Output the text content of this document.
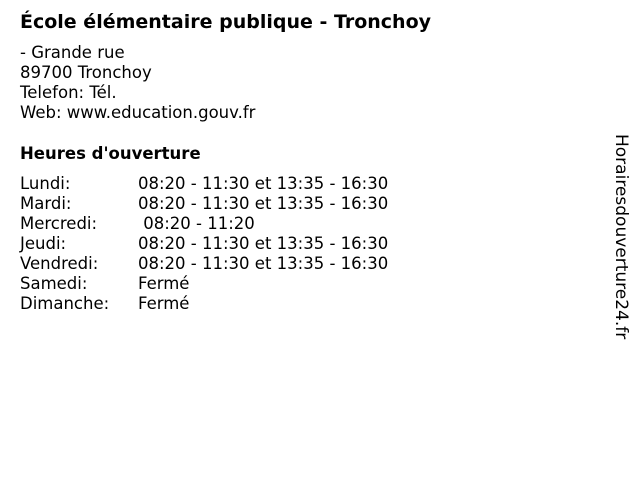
École élémentaire publique - Tronchoy
- Grande rue
89700 Tronchoy
Telefon: Tél.
Web: www.education.gouv.fr
Heures d'ouverture
Lundi:	08:20 - 11:30 et 13:35 - 16:30
Mardi:	08:20 - 11:30 et 13:35 - 16:30
Mercredi: 08:20 - 11:20
Jeudi:	08:20 - 11:30 et 13:35 - 16:30
Vendredi: 08:20 - 11:30 et 13:35 - 16:30
Samedi:	Fermé
Dimanche: Fermé	Horairesdouverture24.fr
